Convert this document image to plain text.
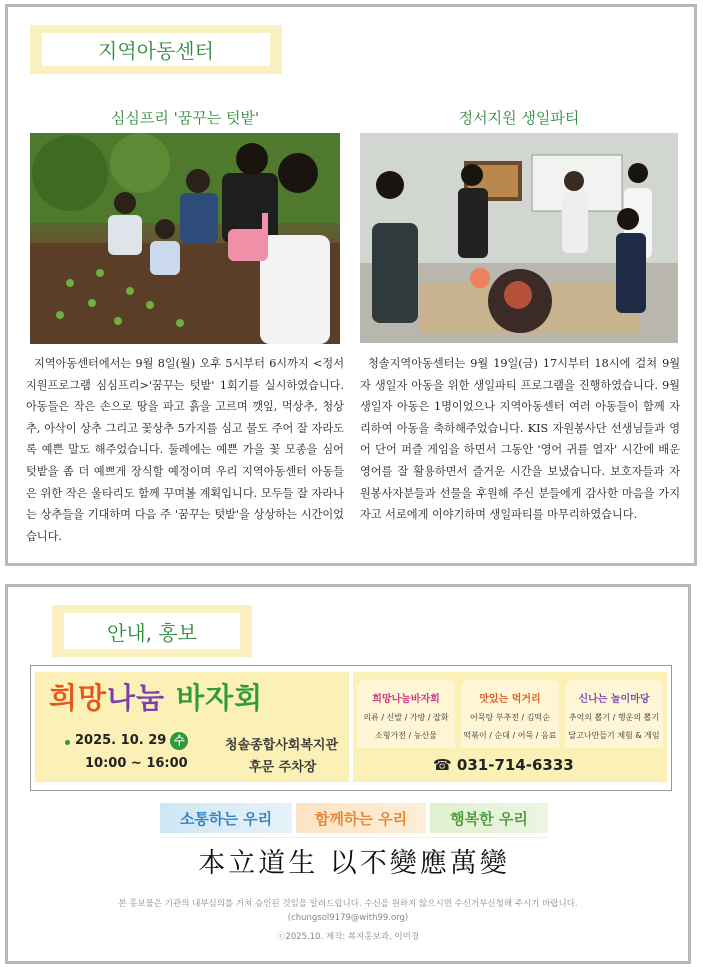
지역아동센터
심심프리 '꿈꾸는 텃밭'	정서지원 생일파티
지역아동센터에서는 9월 8일(월) 오후 5시부터 6시까지 <정서지원프로그램 심심프리>'꿈꾸는 텃밭' 1회기를 실시하였습니다. 아동들은 작은 손으로 땅을 파고 흙을 고르며 깻잎, 먹상추, 청상추, 아삭이 상추 그리고 꽃상추 5가지를 심고 물도 주어 잘 자라도록 예쁜 말도 해주었습니다. 둘레에는 예쁜 가을 꽃 모종을 심어 텃밭을 좀 더 예쁘게 장식할 예정이며 우리 지역아동센터 아동들은 위한 작은 울타리도 함께 꾸며볼 계획입니다. 모두들 잘 자라나는 상추들을 기대하며 다음 주 '꿈꾸는 텃밭'을 상상하는 시간이었습니다.
청솔지역아동센터는 9월 19일(금) 17시부터 18시에 걸쳐 9월자 생일자 아동을 위한 생일파티 프로그램을 진행하였습니다. 9월 생일자 아동은 1명이었으나 지역아동센터 여러 아동들이 함께 자리하여 아동을 축하해주었습니다. KIS 자원봉사단 선생님들과 영어 단어 퍼즐 게임을 하면서 그동안 '영어 귀를 열자' 시간에 배운 영어를 잘 활용하면서 즐거운 시간을 보냈습니다. 보호자들과 자원봉사자분들과 선물을 후원해 주신 분들에게 감사한 마음을 가지자고 서로에게 이야기하며 생일파티를 마무리하였습니다.
안내, 홍보
희망나눔 바자회
2025. 10. 29 수
10:00 ~ 16:00
청솔종합사회복지관
후문 주차장
희망나눔바자회
의류 / 신발 / 가방 / 잡화
소형가전 / 농산물
맛있는 먹거리
어묵탕 부추전 / 김떡순
떡볶이 / 순대 / 어묵 / 음료
신나는 놀이마당
추억의 뽑기 / 행운의 뽑기
달고나만들기 체험 & 게임
☎ 031-714-6333
소통하는 우리	함께하는 우리	행복한 우리
本立道生 以不變應萬變
본 홍보물은 기관의 내부심의를 거쳐 승인된 것임을 알려드립니다. 수신을 원하지 않으시면 수신거부신청해 주시기 바랍니다.
(chungsol9179@with99.org)
ⓒ2025.10. 제작: 복지홍보과, 이미경
